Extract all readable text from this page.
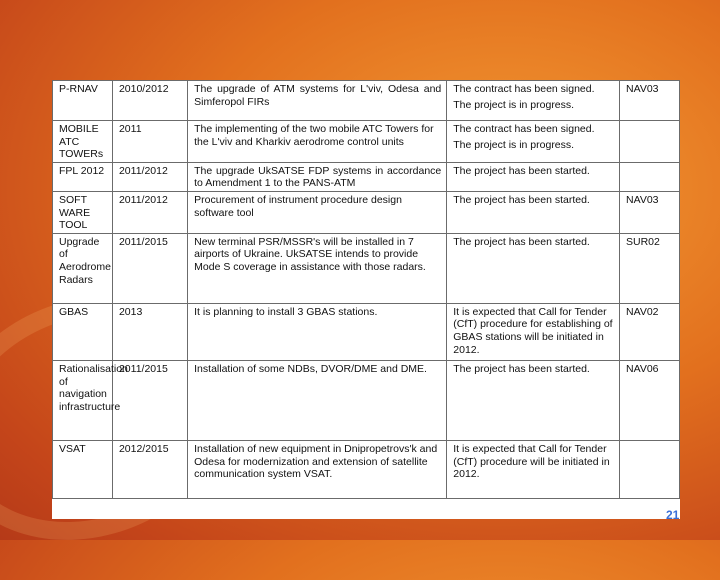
P-RNAV	2010/2012	The upgrade of ATM systems for L'viv, Odesa and Simferopol FIRs	The contract has been signed.
The project is in progress.	NAV03
MOBILE ATC TOWERs	2011	The implementing of the two mobile ATC Towers for the L'viv and Kharkiv aerodrome control units	The contract has been signed.
The project is in progress.	

FPL 2012	2011/2012	The upgrade UkSATSE FDP systems in accordance to Amendment 1 to the PANS-ATM	The project has been started.	

SOFT WARE TOOL	2011/2012	Procurement of instrument procedure design software tool	The project has been started.	NAV03
Upgrade of Aerodrome Radars	2011/2015	New terminal PSR/MSSR's will be installed in 7 airports of Ukraine. UkSATSE intends to provide Mode S coverage in assistance with those radars.	The project has been started.	SUR02
GBAS	2013	It is planning to install 3 GBAS stations.	It is expected that Call for Tender (CfT) procedure for establishing of GBAS stations will be initiated in 2012.	NAV02
Rationalisation of navigation infrastructure	2011/2015	Installation of some NDBs, DVOR/DME and DME.	The project has been started.	NAV06
VSAT	2012/2015	Installation of new equipment in Dnipropetrovs'k and Odesa for modernization and extension of satellite communication system VSAT.	It is expected that Call for Tender (CfT) procedure will be initiated in 2012.	

21
